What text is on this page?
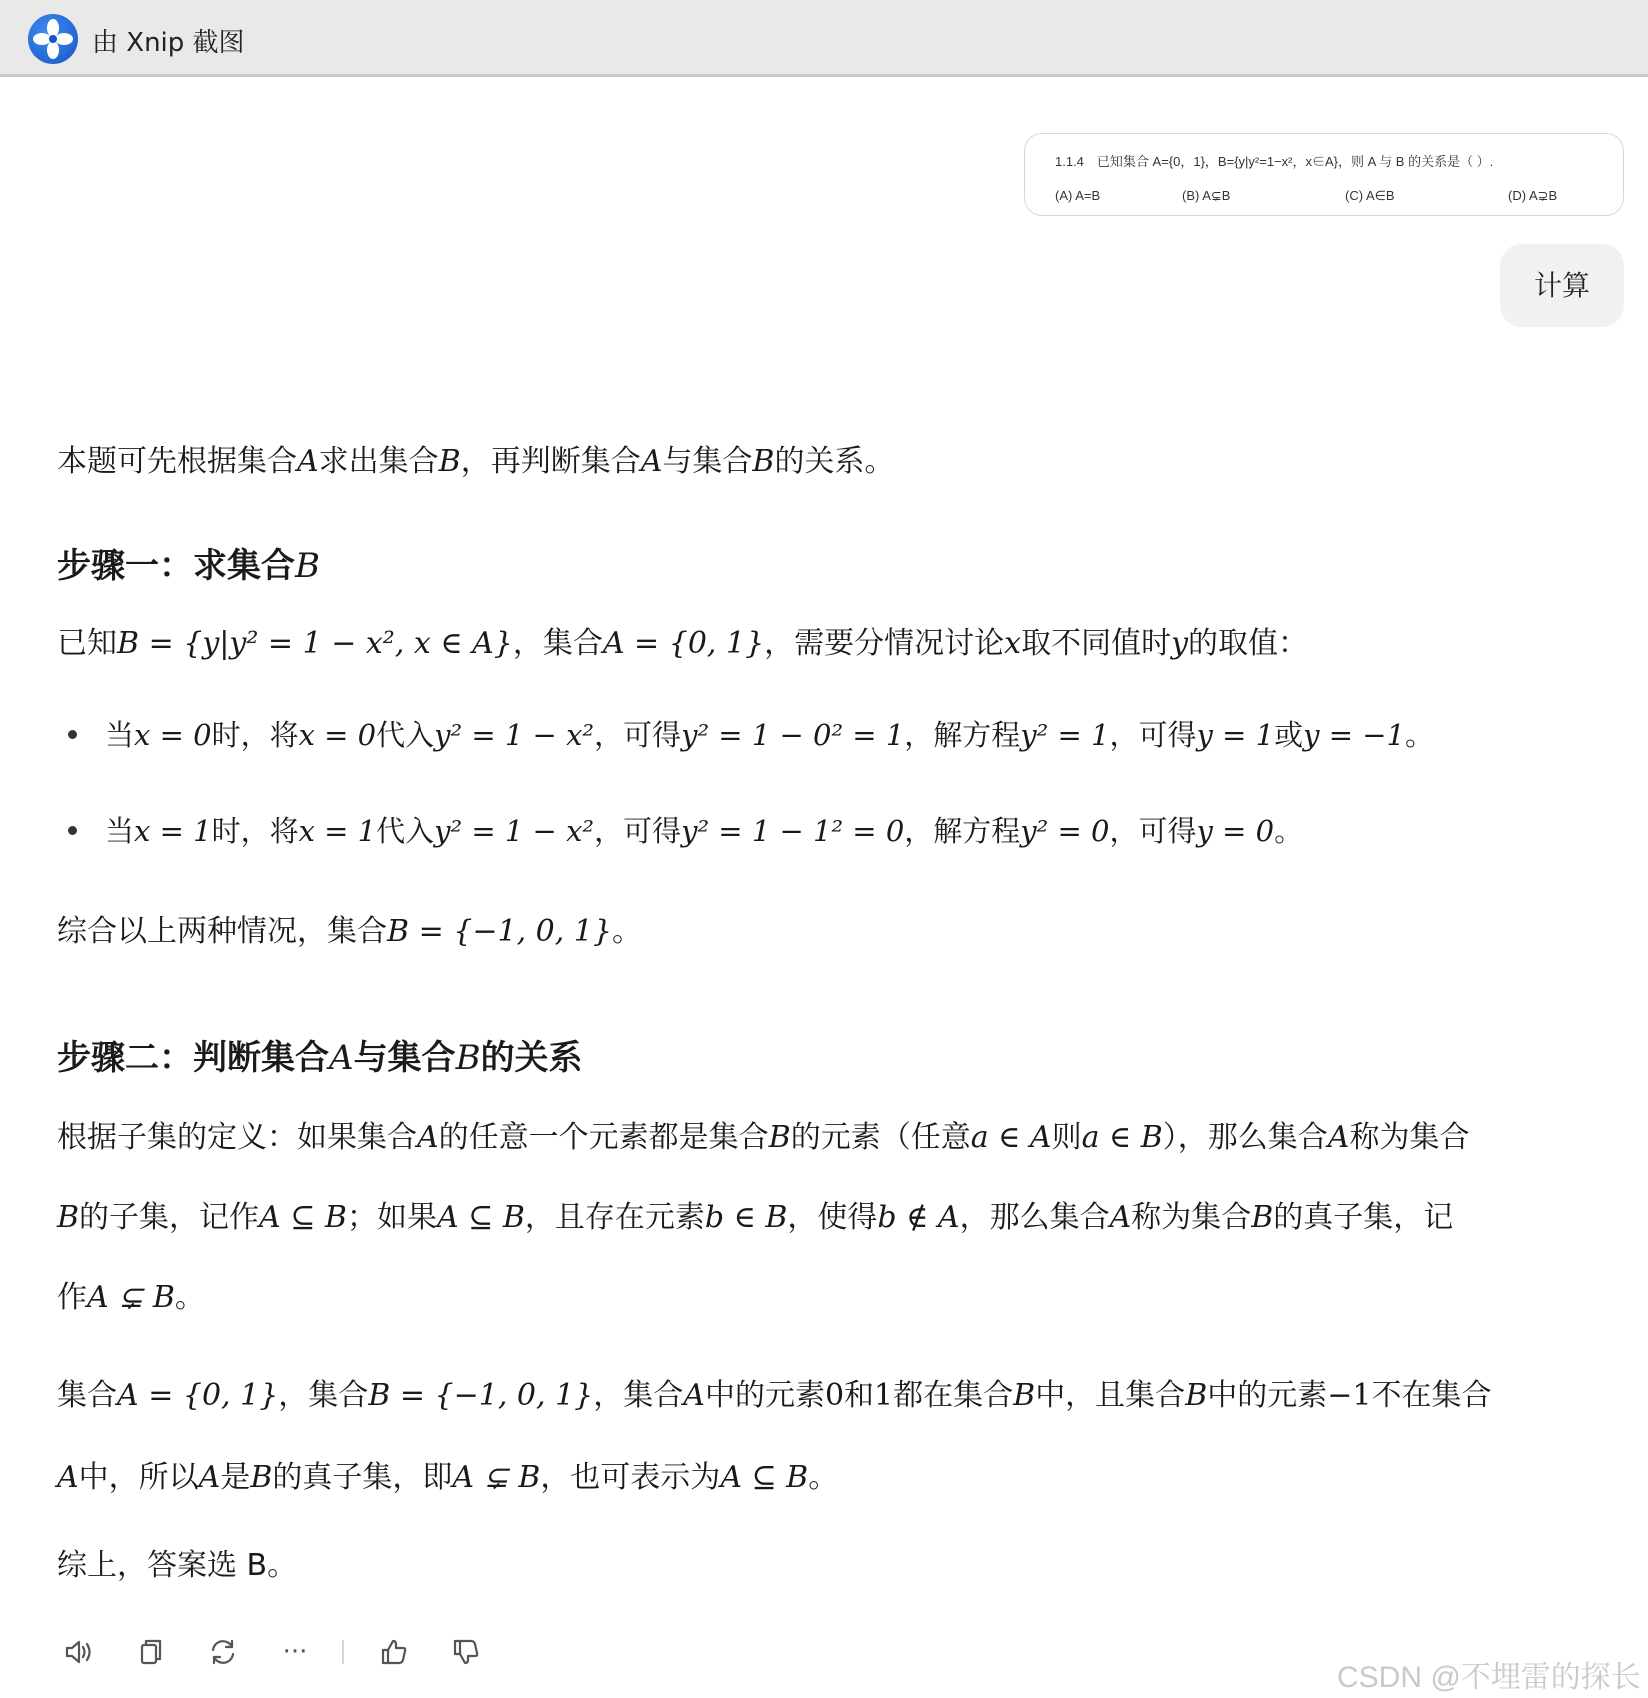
由 Xnip 截图
1.1.4　已知集合 A={0，1}，B={y|y²=1−x²，x∈A}，则 A 与 B 的关系是（ ）.
(A) A=B	(B) A⊊B	(C) A∈B	(D) A⊋B
计算
本题可先根据集合A求出集合B，再判断集合A与集合B的关系。
步骤一：求集合B
已知B = {y|y² = 1 − x², x ∈ A}，集合A = {0, 1}，需要分情况讨论x取不同值时y的取值：
当x = 0时，将x = 0代入y² = 1 − x²，可得y² = 1 − 0² = 1，解方程y² = 1，可得y = 1或y = −1。
当x = 1时，将x = 1代入y² = 1 − x²，可得y² = 1 − 1² = 0，解方程y² = 0，可得y = 0。
综合以上两种情况，集合B = {−1, 0, 1}。
步骤二：判断集合A与集合B的关系
根据子集的定义：如果集合A的任意一个元素都是集合B的元素（任意a ∈ A则a ∈ B），那么集合A称为集合
B的子集，记作A ⊆ B；如果A ⊆ B，且存在元素b ∈ B，使得b ∉ A，那么集合A称为集合B的真子集，记
作A ⊊ B。
集合A = {0, 1}，集合B = {−1, 0, 1}，集合A中的元素0和1都在集合B中，且集合B中的元素−1不在集合
A中，所以A是B的真子集，即A ⊊ B，也可表示为A ⊆ B。
综上，答案选 B。
···
CSDN @不埋雷的探长
